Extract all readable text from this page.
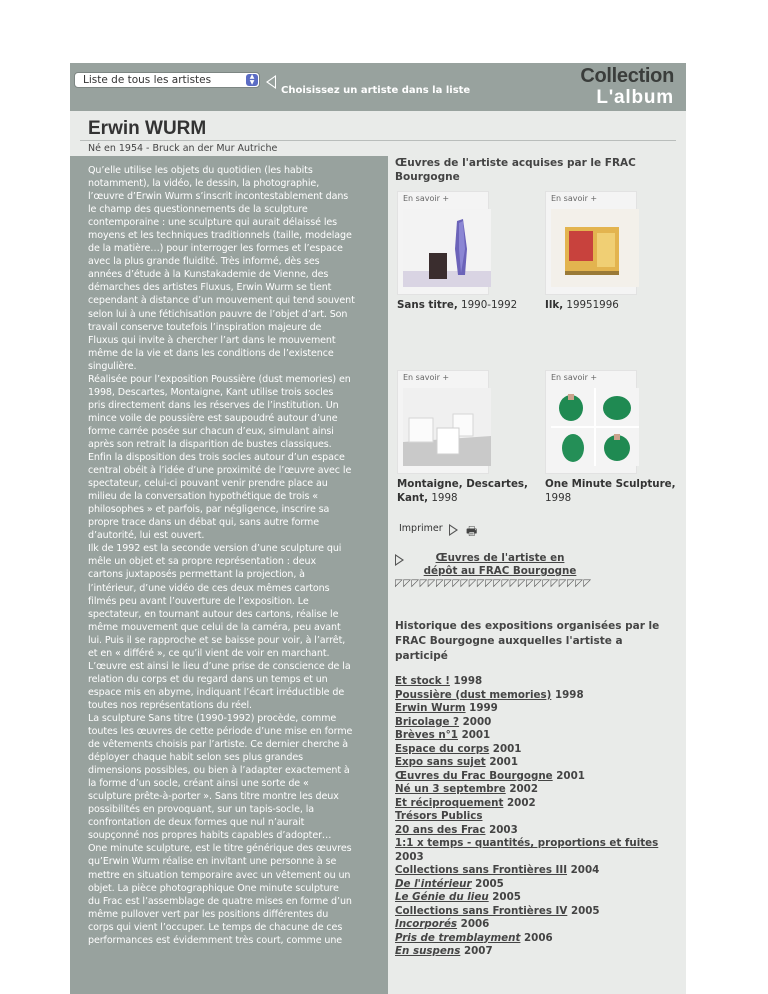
Liste de tous les artistes	▲
▼
Choisissez un artiste dans la liste
Collection
L'album
Erwin WURM
Né en 1954 - Bruck an der Mur Autriche

Qu’elle utilise les objets du quotidien (les habits
notamment), la vidéo, le dessin, la photographie,
l’œuvre d’Erwin Wurm s’inscrit incontestablement dans
le champ des questionnements de la sculpture
contemporaine : une sculpture qui aurait délaissé les
moyens et les techniques traditionnels (taille, modelage
de la matière…) pour interroger les formes et l’espace
avec la plus grande fluidité. Très informé, dès ses
années d’étude à la Kunstakademie de Vienne, des
démarches des artistes Fluxus, Erwin Wurm se tient
cependant à distance d’un mouvement qui tend souvent
selon lui à une fétichisation pauvre de l’objet d’art. Son
travail conserve toutefois l’inspiration majeure de
Fluxus qui invite à chercher l’art dans le mouvement
même de la vie et dans les conditions de l’existence
singulière.
Réalisée pour l’exposition Poussière (dust memories) en
1998, Descartes, Montaigne, Kant utilise trois socles
pris directement dans les réserves de l’institution. Un
mince voile de poussière est saupoudré autour d’une
forme carrée posée sur chacun d’eux, simulant ainsi
après son retrait la disparition de bustes classiques.
Enfin la disposition des trois socles autour d’un espace
central obéit à l’idée d’une proximité de l’œuvre avec le
spectateur, celui-ci pouvant venir prendre place au
milieu de la conversation hypothétique de trois «
philosophes » et parfois, par négligence, inscrire sa
propre trace dans un débat qui, sans autre forme
d’autorité, lui est ouvert.
Ilk de 1992 est la seconde version d’une sculpture qui
mêle un objet et sa propre représentation : deux
cartons juxtaposés permettant la projection, à
l’intérieur, d’une vidéo de ces deux mêmes cartons
filmés peu avant l’ouverture de l’exposition. Le
spectateur, en tournant autour des cartons, réalise le
même mouvement que celui de la caméra, peu avant
lui. Puis il se rapproche et se baisse pour voir, à l’arrêt,
et en « différé », ce qu’il vient de voir en marchant.
L’œuvre est ainsi le lieu d’une prise de conscience de la
relation du corps et du regard dans un temps et un
espace mis en abyme, indiquant l’écart irréductible de
toutes nos représentations du réel.
La sculpture Sans titre (1990-1992) procède, comme
toutes les œuvres de cette période d’une mise en forme
de vêtements choisis par l’artiste. Ce dernier cherche à
déployer chaque habit selon ses plus grandes
dimensions possibles, ou bien à l’adapter exactement à
la forme d’un socle, créant ainsi une sorte de «
sculpture prête-à-porter ». Sans titre montre les deux
possibilités en provoquant, sur un tapis-socle, la
confrontation de deux formes que nul n’aurait
soupçonné nos propres habits capables d’adopter…
One minute sculpture, est le titre générique des œuvres
qu’Erwin Wurm réalise en invitant une personne à se
mettre en situation temporaire avec un vêtement ou un
objet. La pièce photographique One minute sculpture
du Frac est l’assemblage de quatre mises en forme d’un
même pullover vert par les positions différentes du
corps qui vient l’occuper. Le temps de chacune de ces
performances est évidemment très court, comme une

Œuvres de l'artiste acquises par le FRAC Bourgogne
En savoir +
Sans titre, 1990-1992
En savoir +
Ilk, 19951996
En savoir +
Montaigne, Descartes, Kant, 1998
En savoir +
One Minute Sculpture, 1998
Imprimer 🖶
Œuvres de l'artiste en dépôt au FRAC Bourgogne
◸◸◸◸◸◸◸◸◸◸◸◸◸◸◸◸◸◸◸◸◸◸◸◸
Historique des expositions organisées par le FRAC Bourgogne auxquelles l'artiste a participé
Et stock ! 1998
Poussière (dust memories) 1998
Erwin Wurm 1999
Bricolage ? 2000
Brèves n°1 2001
Espace du corps 2001
Expo sans sujet 2001
Œuvres du Frac Bourgogne 2001
Né un 3 septembre 2002
Et réciproquement 2002
Trésors Publics
20 ans des Frac 2003
1:1 x temps - quantités, proportions et fuites 2003
Collections sans Frontières III 2004
De l'intérieur 2005
Le Génie du lieu 2005
Collections sans Frontières IV 2005
Incorporés 2006
Pris de tremblayment 2006
En suspens 2007
